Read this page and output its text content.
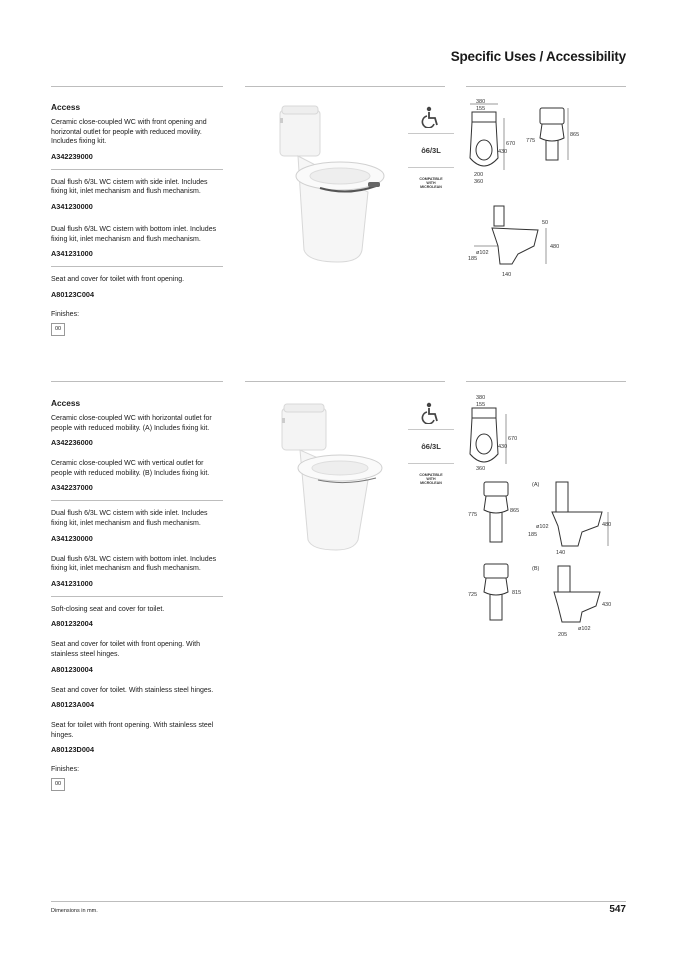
Specific Uses / Accessibility
Access
Ceramic close-coupled WC with front opening and horizontal outlet for people with reduced movility. Includes fixing kit.
A342239000
Dual flush 6/3L WC cistern with side inlet. Includes fixing kit, inlet mechanism and flush mechanism.
A341230000
Dual flush 6/3L WC cistern with bottom inlet. Includes fixing kit, inlet mechanism and flush mechanism.
A341231000
Seat and cover for toilet with front opening.
A80123C004
Finishes:
00
ô6/3L
COMPATIBLE
WITH
MICROLEAN
380
155
670
430
200
360
865
775
50
480
ø102
185
140
Access
Ceramic close-coupled WC with horizontal outlet for people with reduced mobility. (A) Includes fixing kit.
A342236000
Ceramic close-coupled WC with vertical outlet for people with reduced mobility. (B) Includes fixing kit.
A342237000
Dual flush 6/3L WC cistern with side inlet. Includes fixing kit, inlet mechanism and flush mechanism.
A341230000
Dual flush 6/3L WC cistern with bottom inlet. Includes fixing kit, inlet mechanism and flush mechanism.
A341231000
Soft-closing seat and cover for toilet.
A801232004
Seat and cover for toilet with front opening. With stainless steel hinges.
A801230004
Seat and cover for toilet. With stainless steel hinges.
A80123A004
Seat for toilet with front opening. With stainless steel hinges.
A80123D004
Finishes:
00
ô6/3L
COMPATIBLE
WITH
MICROLEAN
380
155
670
430
360
775
865
(A)
480
ø102
185
140
725	815
(B)
430
205
ø102
Dimensions in mm.	547
